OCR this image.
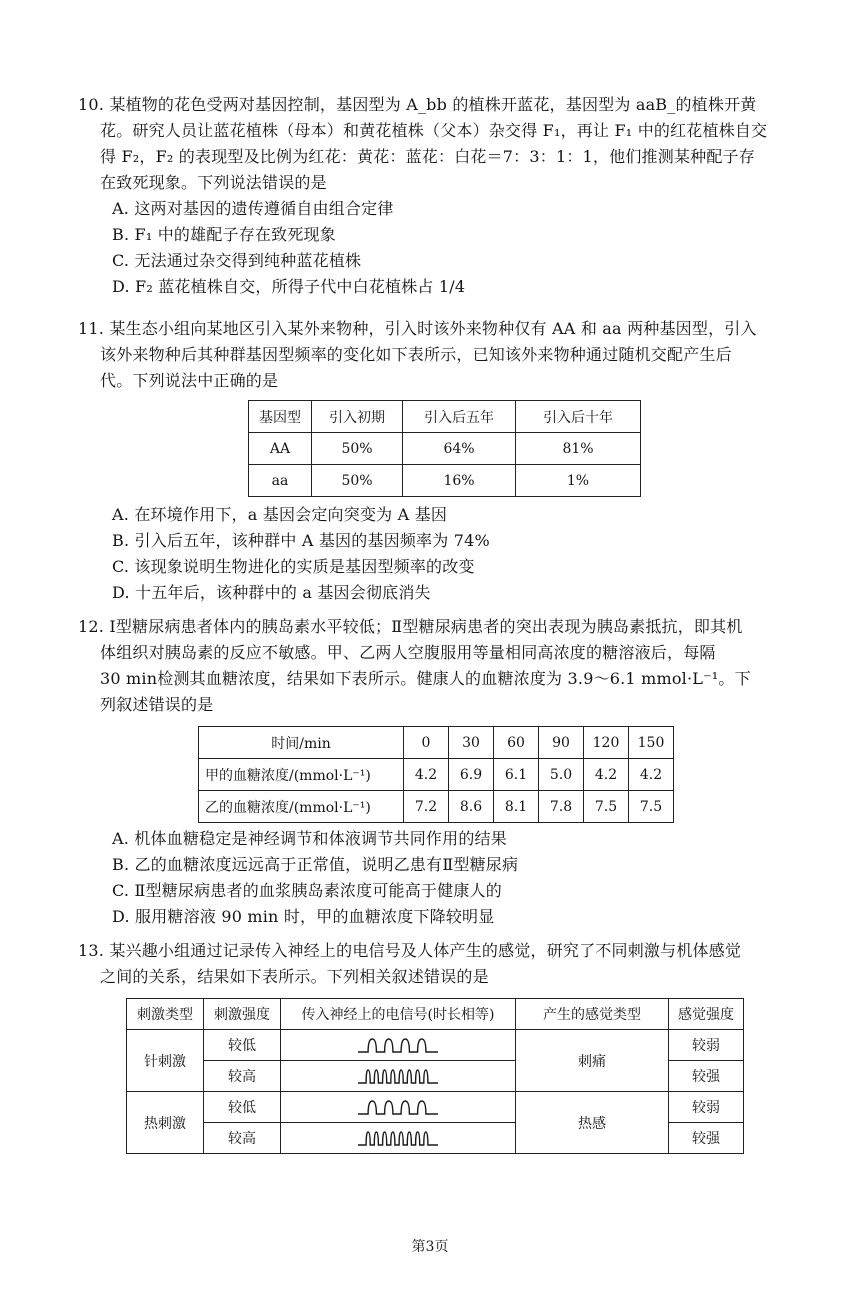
10. 某植物的花色受两对基因控制，基因型为 A_bb 的植株开蓝花，基因型为 aaB_的植株开黄

花。研究人员让蓝花植株（母本）和黄花植株（父本）杂交得 F₁，再让 F₁ 中的红花植株自交

得 F₂，F₂ 的表现型及比例为红花：黄花：蓝花：白花＝7：3：1：1，他们推测某种配子存

在致死现象。下列说法错误的是

A. 这两对基因的遗传遵循自由组合定律

B. F₁ 中的雄配子存在致死现象

C. 无法通过杂交得到纯种蓝花植株

D. F₂ 蓝花植株自交，所得子代中白花植株占 1/4

11. 某生态小组向某地区引入某外来物种，引入时该外来物种仅有 AA 和 aa 两种基因型，引入

该外来物种后其种群基因型频率的变化如下表所示，已知该外来物种通过随机交配产生后

代。下列说法中正确的是

基因型	引入初期	引入后五年	引入后十年
AA	50%	64%	81%
aa	50%	16%	1%

A. 在环境作用下，a 基因会定向突变为 A 基因

B. 引入后五年，该种群中 A 基因的基因频率为 74%

C. 该现象说明生物进化的实质是基因型频率的改变

D. 十五年后，该种群中的 a 基因会彻底消失

12. Ⅰ型糖尿病患者体内的胰岛素水平较低；Ⅱ型糖尿病患者的突出表现为胰岛素抵抗，即其机

体组织对胰岛素的反应不敏感。甲、乙两人空腹服用等量相同高浓度的糖溶液后，每隔

30 min检测其血糖浓度，结果如下表所示。健康人的血糖浓度为 3.9～6.1 mmol·L⁻¹。下

列叙述错误的是

时间/min	0	30	60	90	120	150
甲的血糖浓度/(mmol·L⁻¹)	4.2	6.9	6.1	5.0	4.2	4.2
乙的血糖浓度/(mmol·L⁻¹)	7.2	8.6	8.1	7.8	7.5	7.5

A. 机体血糖稳定是神经调节和体液调节共同作用的结果

B. 乙的血糖浓度远远高于正常值，说明乙患有Ⅱ型糖尿病

C. Ⅱ型糖尿病患者的血浆胰岛素浓度可能高于健康人的

D. 服用糖溶液 90 min 时，甲的血糖浓度下降较明显

13. 某兴趣小组通过记录传入神经上的电信号及人体产生的感觉，研究了不同刺激与机体感觉

之间的关系，结果如下表所示。下列相关叙述错误的是

刺激类型	刺激强度	传入神经上的电信号(时长相等)	产生的感觉类型	感觉强度
针刺激	较低		刺痛	较弱
	较高			较强
热刺激	较低		热感	较弱
	较高			较强
第3页
